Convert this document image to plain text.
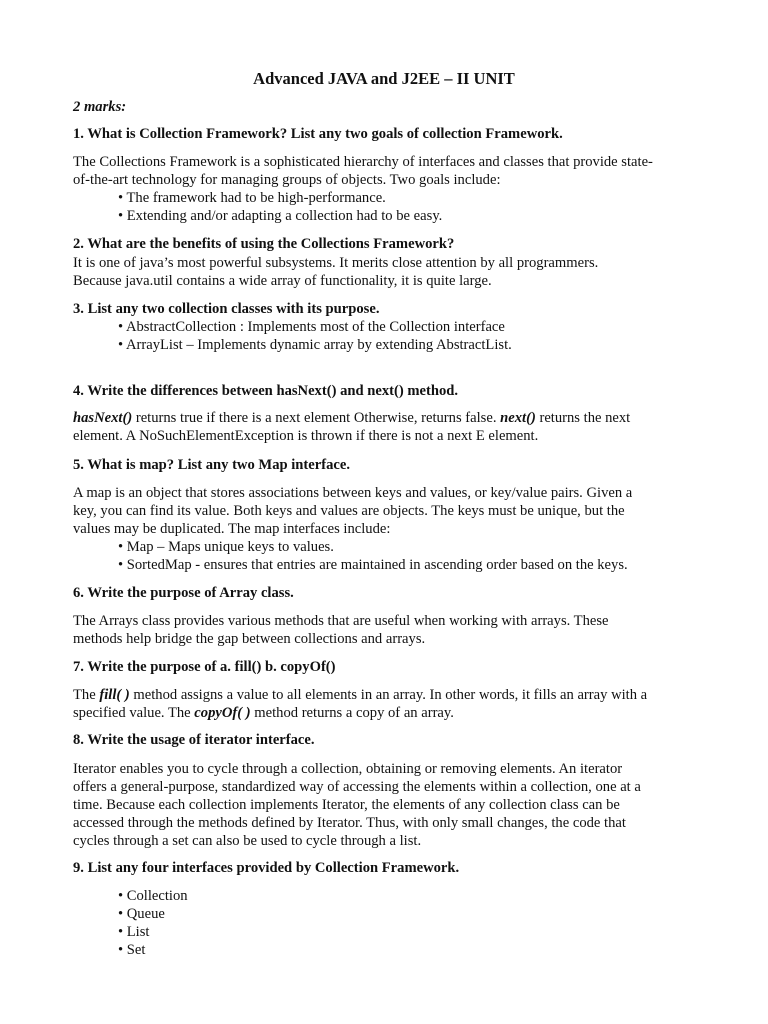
Advanced JAVA and J2EE – II UNIT
2 marks:
1. What is Collection Framework? List any two goals of collection Framework.
The Collections Framework is a sophisticated hierarchy of interfaces and classes that provide state-
of-the-art technology for managing groups of objects. Two goals include:
• The framework had to be high-performance.
• Extending and/or adapting a collection had to be easy.
2. What are the benefits of using the Collections Framework?
It is one of java’s most powerful subsystems. It merits close attention by all programmers.
Because java.util contains a wide array of functionality, it is quite large.
3. List any two collection classes with its purpose.
• AbstractCollection : Implements most of the Collection interface
• ArrayList – Implements dynamic array by extending AbstractList.
4. Write the differences between hasNext() and next() method.
hasNext() returns true if there is a next element Otherwise, returns false. next() returns the next
element. A NoSuchElementException is thrown if there is not a next E element.
5. What is map? List any two Map interface.
A map is an object that stores associations between keys and values, or key/value pairs. Given a
key, you can find its value. Both keys and values are objects. The keys must be unique, but the
values may be duplicated. The map interfaces include:
• Map – Maps unique keys to values.
• SortedMap - ensures that entries are maintained in ascending order based on the keys.
6. Write the purpose of Array class.
The Arrays class provides various methods that are useful when working with arrays. These
methods help bridge the gap between collections and arrays.
7. Write the purpose of a. fill() b. copyOf()
The fill( ) method assigns a value to all elements in an array. In other words, it fills an array with a
specified value. The copyOf( ) method returns a copy of an array.
8. Write the usage of iterator interface.
Iterator enables you to cycle through a collection, obtaining or removing elements. An iterator
offers a general-purpose, standardized way of accessing the elements within a collection, one at a
time. Because each collection implements Iterator, the elements of any collection class can be
accessed through the methods defined by Iterator. Thus, with only small changes, the code that
cycles through a set can also be used to cycle through a list.
9. List any four interfaces provided by Collection Framework.
• Collection
• Queue
• List
• Set
